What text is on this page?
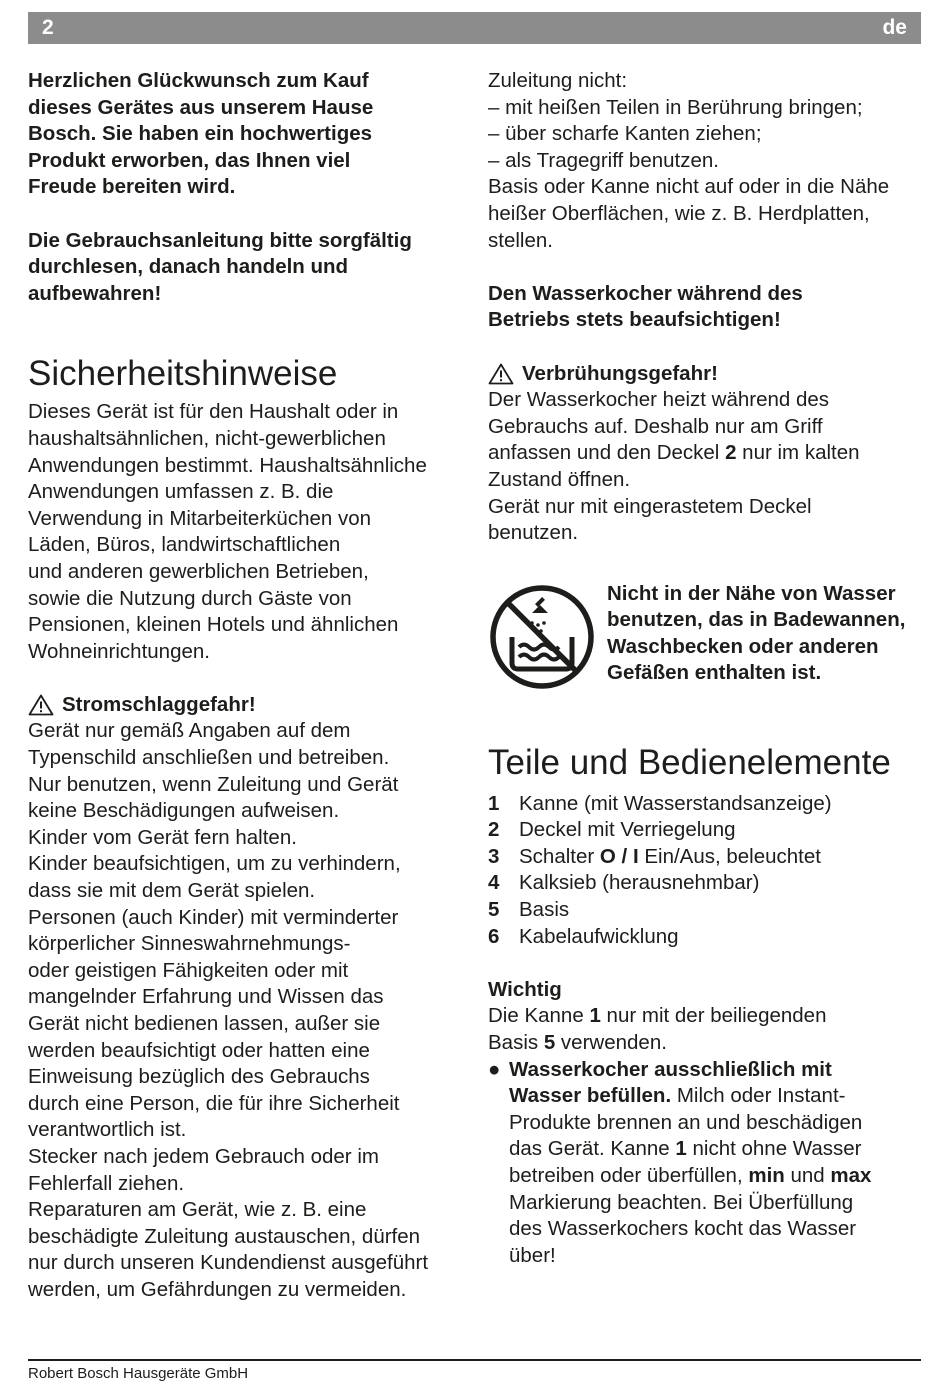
2	de
Herzlichen Glückwunsch zum Kauf
dieses Gerätes aus unserem Hause
Bosch. Sie haben ein hochwertiges
Produkt erworben, das Ihnen viel
Freude bereiten wird.
Die Gebrauchsanleitung bitte sorgfältig
durchlesen, danach handeln und
aufbewahren!
Sicherheitshinweise
Dieses Gerät ist für den Haushalt oder in
haushaltsähnlichen, nicht-gewerblichen
Anwendungen bestimmt. Haushaltsähnliche
Anwendungen umfassen z. B. die
Verwendung in Mitarbeiterküchen von
Läden, Büros, landwirtschaftlichen
und anderen gewerblichen Betrieben,
sowie die Nutzung durch Gäste von
Pensionen, kleinen Hotels und ähnlichen
Wohneinrichtungen.
Stromschlaggefahr!
Gerät nur gemäß Angaben auf dem
Typenschild anschließen und betreiben.
Nur benutzen, wenn Zuleitung und Gerät
keine Beschädigungen aufweisen.
Kinder vom Gerät fern halten.
Kinder beaufsichtigen, um zu verhindern,
dass sie mit dem Gerät spielen.
Personen (auch Kinder) mit verminderter
körperlicher Sinneswahrnehmungs-
oder geistigen Fähigkeiten oder mit
mangelnder Erfahrung und Wissen das
Gerät nicht bedienen lassen, außer sie
werden beaufsichtigt oder hatten eine
Einweisung bezüglich des Gebrauchs
durch eine Person, die für ihre Sicherheit
verantwortlich ist.
Stecker nach jedem Gebrauch oder im
Fehlerfall ziehen.
Reparaturen am Gerät, wie z. B. eine
beschädigte Zuleitung austauschen, dürfen
nur durch unseren Kundendienst ausgeführt
werden, um Gefährdungen zu vermeiden.
Zuleitung nicht:
– mit heißen Teilen in Berührung bringen;
– über scharfe Kanten ziehen;
– als Tragegriff benutzen.
Basis oder Kanne nicht auf oder in die Nähe
heißer Oberflächen, wie z. B. Herdplatten,
stellen.
Den Wasserkocher während des
Betriebs stets beaufsichtigen!
Verbrühungsgefahr!
Der Wasserkocher heizt während des
Gebrauchs auf. Deshalb nur am Griff
anfassen und den Deckel 2 nur im kalten
Zustand öffnen.
Gerät nur mit eingerastetem Deckel
benutzen.
Nicht in der Nähe von Wasser
benutzen, das in Badewannen,
Waschbecken oder anderen
Gefäßen enthalten ist.
Teile und Bedienelemente
1 Kanne (mit Wasserstandsanzeige)
2 Deckel mit Verriegelung
3 Schalter O / I Ein/Aus, beleuchtet
4 Kalksieb (herausnehmbar)
5 Basis
6 Kabelaufwicklung
Wichtig
Die Kanne 1 nur mit der beiliegenden
Basis 5 verwenden.
● Wasserkocher ausschließlich mit
Wasser befüllen. Milch oder Instant-
Produkte brennen an und beschädigen
das Gerät. Kanne 1 nicht ohne Wasser
betreiben oder überfüllen, min und max
Markierung beachten. Bei Überfüllung
des Wasserkochers kocht das Wasser
über!
Robert Bosch Hausgeräte GmbH
